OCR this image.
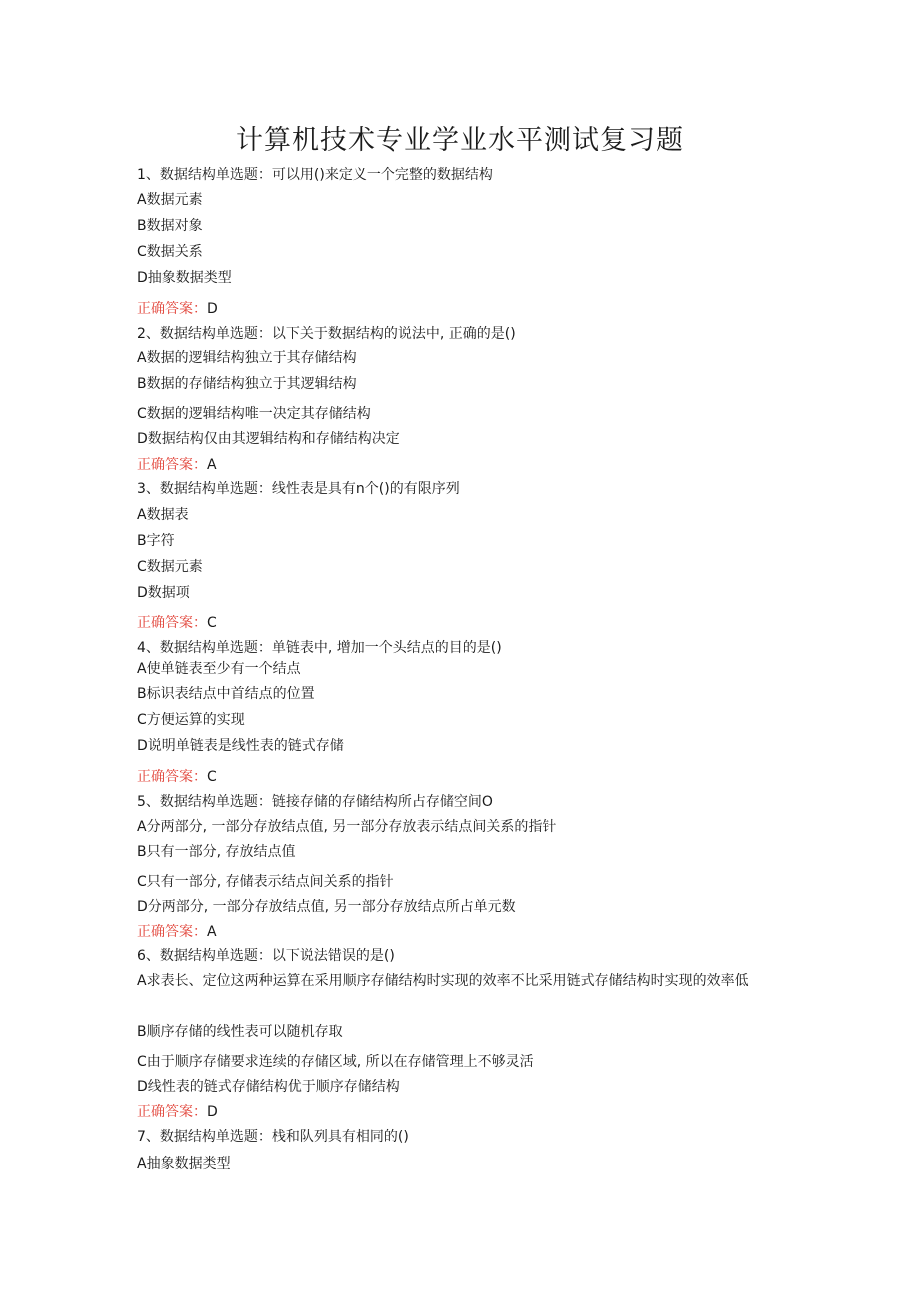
计算机技术专业学业水平测试复习题
1、数据结构单选题：可以用()来定义一个完整的数据结构
A数据元素
B数据对象
C数据关系
D抽象数据类型
正确答案：D
2、数据结构单选题：以下关于数据结构的说法中, 正确的是()
A数据的逻辑结构独立于其存储结构
B数据的存储结构独立于其逻辑结构
C数据的逻辑结构唯一决定其存储结构
D数据结构仅由其逻辑结构和存储结构决定
正确答案：A
3、数据结构单选题：线性表是具有n个()的有限序列
A数据表
B字符
C数据元素
D数据项
正确答案：C
4、数据结构单选题：单链表中, 增加一个头结点的目的是()
A使单链表至少有一个结点
B标识表结点中首结点的位置
C方便运算的实现
D说明单链表是线性表的链式存储
正确答案：C
5、数据结构单选题：链接存储的存储结构所占存储空间O
A分两部分, 一部分存放结点值, 另一部分存放表示结点间关系的指针
B只有一部分, 存放结点值
C只有一部分, 存储表示结点间关系的指针
D分两部分, 一部分存放结点值, 另一部分存放结点所占单元数
正确答案：A
6、数据结构单选题：以下说法错误的是()
A求表长、定位这两种运算在采用顺序存储结构时实现的效率不比采用链式存储结构时实现的效率低
B顺序存储的线性表可以随机存取
C由于顺序存储要求连续的存储区域, 所以在存储管理上不够灵活
D线性表的链式存储结构优于顺序存储结构
正确答案：D
7、数据结构单选题：栈和队列具有相同的()
A抽象数据类型
